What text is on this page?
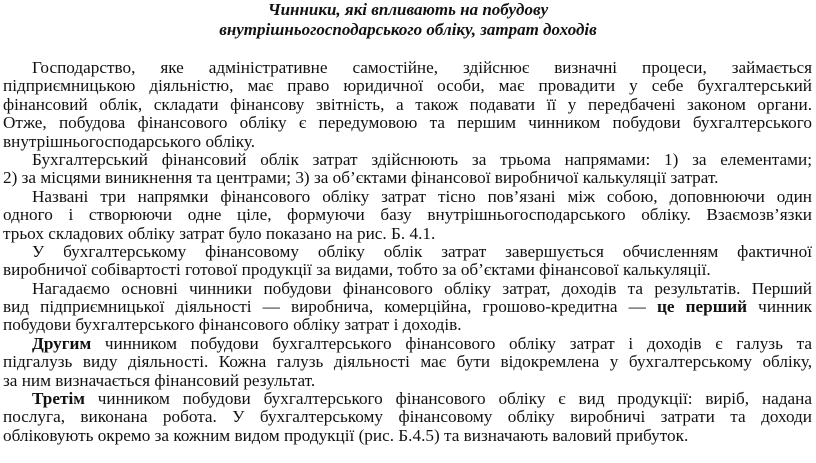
Чинники, які впливають на побудову
внутрішньогосподарського обліку, затрат доходів
Господарство, яке адміністративне самостійне, здійснює визначні процеси, займається
підприємницькою діяльністю, має право юридичної особи, має провадити у себе бухгалтерський
фінансовий облік, складати фінансову звітність, а також подавати її у передбачені законом органи.
Отже, побудова фінансового обліку є передумовою та першим чинником побудови бухгалтерського
внутрішньогосподарського обліку.
Бухгалтерський фінансовий облік затрат здійснюють за трьома напрямами: 1) за елементами;
2) за місцями виникнення та центрами; 3) за об’єктами фінансової виробничої калькуляції затрат.
Названі три напрямки фінансового обліку затрат тісно пов’язані між собою, доповнюючи один
одного і створюючи одне ціле, формуючи базу внутрішньогосподарського обліку. Взаємозв’язки
трьох складових обліку затрат було показано на рис. Б. 4.1.
У бухгалтерському фінансовому обліку облік затрат завершується обчисленням фактичної
виробничої собівартості готової продукції за видами, тобто за об’єктами фінансової калькуляції.
Нагадаємо основні чинники побудови фінансового обліку затрат, доходів та результатів. Перший
вид підприємницької діяльності — виробнича, комерційна, грошово-кредитна — це перший чинник
побудови бухгалтерського фінансового обліку затрат і доходів.
Другим чинником побудови бухгалтерського фінансового обліку затрат і доходів є галузь та
підгалузь виду діяльності. Кожна галузь діяльності має бути відокремлена у бухгалтерському обліку,
за ним визначається фінансовий результат.
Третім чинником побудови бухгалтерського фінансового обліку є вид продукції: виріб, надана
послуга, виконана робота. У бухгалтерському фінансовому обліку виробничі затрати та доходи
обліковують окремо за кожним видом продукції (рис. Б.4.5) та визначають валовий прибуток.
